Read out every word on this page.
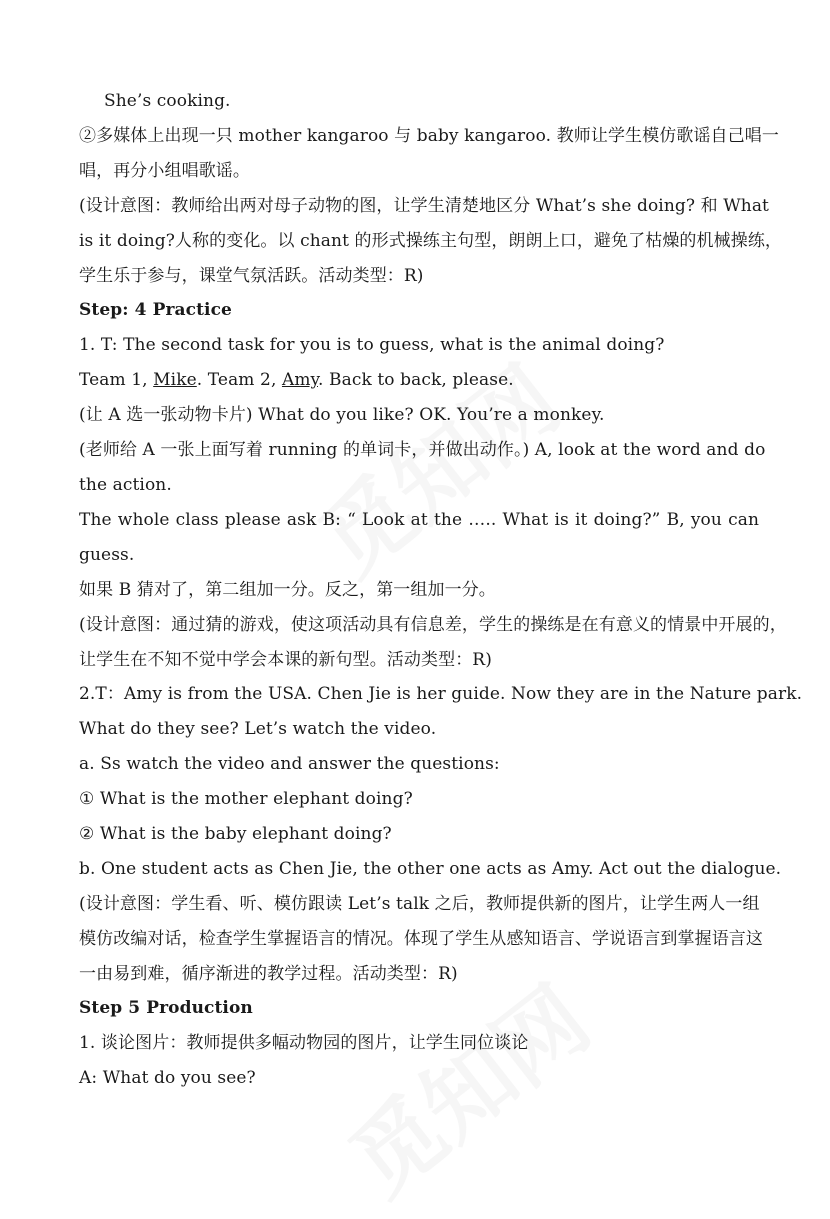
She’s cooking.
②多媒体上出现一只 mother kangaroo 与 baby kangaroo. 教师让学生模仿歌谣自己唱一
唱，再分小组唱歌谣。
(设计意图：教师给出两对母子动物的图，让学生清楚地区分 What’s she doing? 和 What
is it doing?人称的变化。以 chant 的形式操练主句型，朗朗上口，避免了枯燥的机械操练，
学生乐于参与，课堂气氛活跃。活动类型：R)
Step: 4 Practice
1. T: The second task for you is to guess, what is the animal doing?
Team 1, Mike. Team 2, Amy. Back to back, please.
(让 A 选一张动物卡片) What do you like? OK. You’re a monkey.
(老师给 A 一张上面写着 running 的单词卡，并做出动作。) A, look at the word and do
the action.
The whole class please ask B: “ Look at the ….. What is it doing?” B, you can
guess.
如果 B 猜对了，第二组加一分。反之，第一组加一分。
(设计意图：通过猜的游戏，使这项活动具有信息差，学生的操练是在有意义的情景中开展的，
让学生在不知不觉中学会本课的新句型。活动类型：R)
2.T：Amy is from the USA. Chen Jie is her guide. Now they are in the Nature park.
What do they see? Let’s watch the video.
a. Ss watch the video and answer the questions:
① What is the mother elephant doing?
② What is the baby elephant doing?
b. One student acts as Chen Jie, the other one acts as Amy. Act out the dialogue.
(设计意图：学生看、听、模仿跟读 Let’s talk 之后，教师提供新的图片，让学生两人一组
模仿改编对话，检查学生掌握语言的情况。体现了学生从感知语言、学说语言到掌握语言这
一由易到难，循序渐进的教学过程。活动类型：R)
Step 5 Production
1. 谈论图片：教师提供多幅动物园的图片，让学生同位谈论
A: What do you see?
